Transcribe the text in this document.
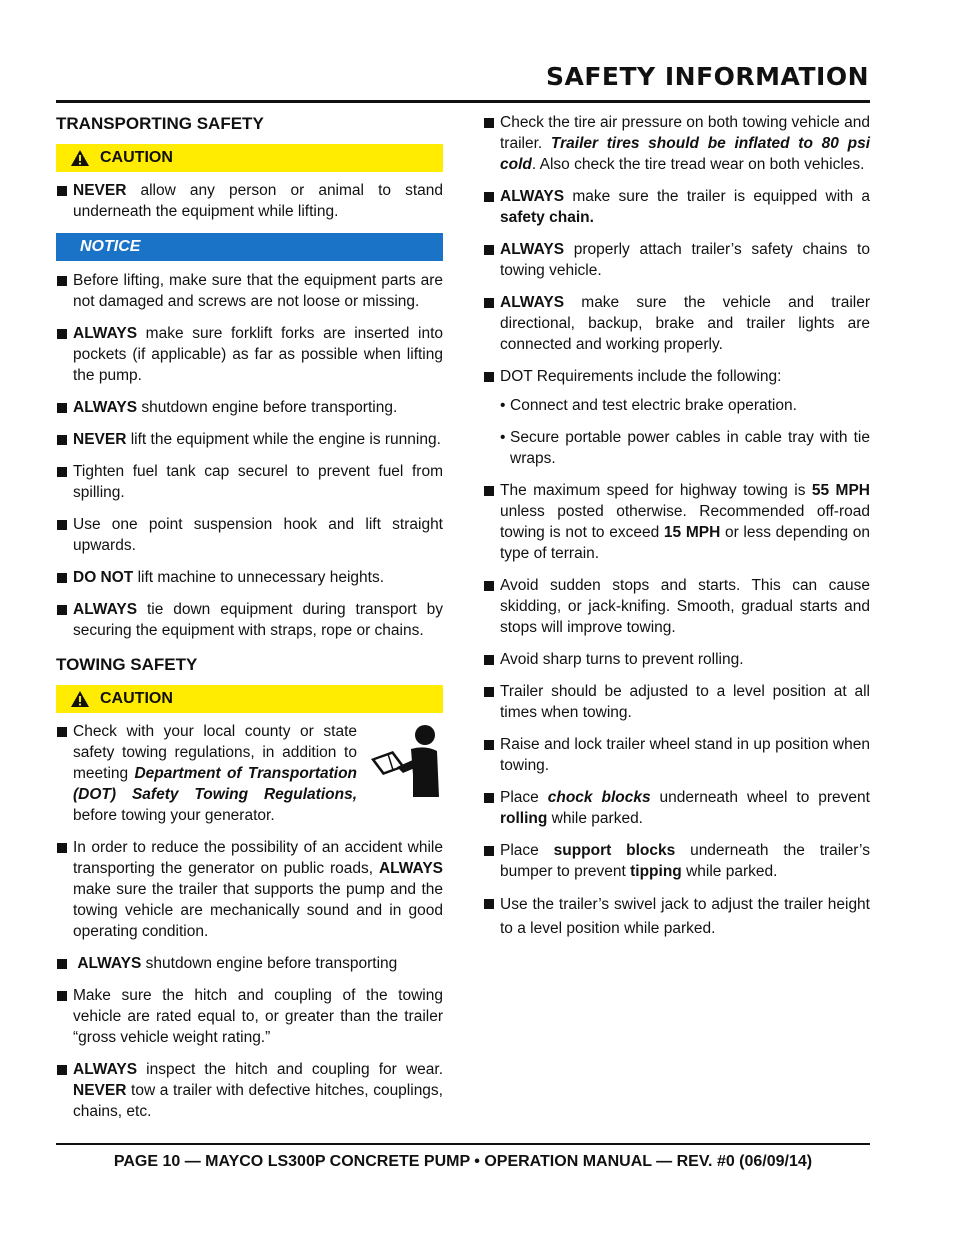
SAFETY INFORMATION
TRANSPORTING SAFETY
CAUTION
NEVER allow any person or animal to stand underneath the equipment while lifting.
NOTICE
Before lifting, make sure that the equipment parts are not damaged and screws are not loose or missing.
ALWAYS make sure forklift forks are inserted into pockets (if applicable) as far as possible when lifting the pump.
ALWAYS shutdown engine before transporting.
NEVER lift the equipment while the engine is running.
Tighten fuel tank cap securel to prevent fuel from spilling.
Use one point suspension hook and lift straight upwards.
DO NOT lift machine to unnecessary heights.
ALWAYS tie down equipment during transport by securing the equipment with straps, rope or chains.
TOWING SAFETY
CAUTION
Check with your local county or state safety towing regulations, in addition to meeting Department of Transportation (DOT) Safety Towing Regulations, before towing your generator.
In order to reduce the possibility of an accident while transporting the generator on public roads, ALWAYS make sure the trailer that supports the pump and the towing vehicle are mechanically sound and in good operating condition.
ALWAYS shutdown engine before transporting
Make sure the hitch and coupling of the towing vehicle are rated equal to, or greater than the trailer “gross vehicle weight rating.”
ALWAYS inspect the hitch and coupling for wear. NEVER tow a trailer with defective hitches, couplings, chains, etc.
Check the tire air pressure on both towing vehicle and trailer. Trailer tires should be inflated to 80 psi cold. Also check the tire tread wear on both vehicles.
ALWAYS make sure the trailer is equipped with a safety chain.
ALWAYS properly attach trailer’s safety chains to towing vehicle.
ALWAYS make sure the vehicle and trailer directional, backup, brake and trailer lights are connected and working properly.
DOT Requirements include the following:
• Connect and test electric brake operation.
• Secure portable power cables in cable tray with tie wraps.
The maximum speed for highway towing is 55 MPH unless posted otherwise. Recommended off-road towing is not to exceed 15 MPH or less depending on type of terrain.
Avoid sudden stops and starts. This can cause skidding, or jack-knifing. Smooth, gradual starts and stops will improve towing.
Avoid sharp turns to prevent rolling.
Trailer should be adjusted to a level position at all times when towing.
Raise and lock trailer wheel stand in up position when towing.
Place chock blocks underneath wheel to prevent rolling while parked.
Place support blocks underneath the trailer’s bumper to prevent tipping while parked.
Use the trailer’s swivel jack to adjust the trailer height to a level position while parked.

PAGE 10 — MAYCO LS300P CONCRETE PUMP • OPERATION MANUAL — REV. #0 (06/09/14)
